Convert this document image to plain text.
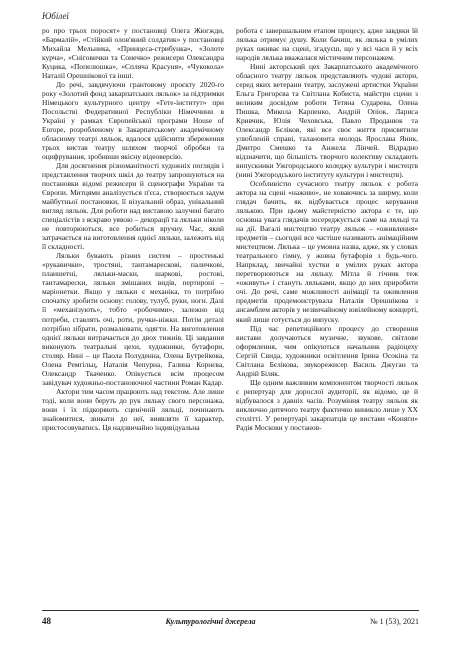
Юбілеї

ро про трьох поросят» у постановці Олега Жюгжди, «Бармалій», «Стійкий олов'яний солдатик» у постановці Михайла Мельника, «Принцеса-стрибунка», «Золоте курча», «Сніговички та Сонечко» режисери Олександра Куцика, «Попелюшка», «Сплячa Красуня», «Чукокола» Наталії Орешнікової та інші.

До речі, завдячуючи грантовому проєкту 2020-го року «Золотий фонд закарпатських ляльок» за підтримки Німецького культурного центру «Гете-інститут» при Посольстві Федеративної Республіки Німеччини в Україні у рамках Європейської програми House of Europe, розробленому в Закарпатському академічному обласному театрі ляльок, вдалося здійснити збереження трьох вистав театру шляхом творчої обробки та оцифрування, зробивши якісну відеоверсію.

Для досягнення різноманітності художніх поглядів і представлення творчих шкіл до театру запрошуються на постановки відомі режисери й сценографи України та Європи. Митцями аналізується п'єса, створюється задум майбутньої постановки, її візуальний образ, унікальний вигляд ляльок. Для роботи над виставою залучені багато спеціалістів з яскраво уявою – декорації та ляльки ніколи не повторюються, все робиться вручну. Час, який затрачається на виготовлення однієї ляльки, залежить від її складності.

Ляльки бувають різних систем – простенькі «рукавички», тростяні, тантамарескові, паличкові, планшетні, ляльки-маски, шаркові, ростові, тантамарески, ляльки змішаних видів, пертиро́ні – маріонетки. Якщо у ляльки є механіка, то потрібно спочатку зробити основу: голову, тулуб, руки, ноги. Далі її «механізують», тобто «робочими», залежно від потреби, ставлять очі, роти, ручки-ніжки. Потім деталі потрібно зібрати, розмалювати, одягти. На виготовлення однієї ляльки витрачається до двох тижнів. Ці завдання виконують театральні цехи, художники, бутафори, столяр. Нині – це Паола Полуденна, Олена Бутрейкова, Олена Ремгільц, Наталія Чепурна, Галина Корнєва, Олександр Ткаченко. Опікується всім процесом завідувач художньо-постановочної частини Роман Кадар.

Актори тим часом працюють над текстом. Але лише тоді, коли вони беруть до рук ляльку свого персонажа, вони і їх підкоряють сценічній ляльці, починають знайомитися, звикати до неї, виявляти її характер, пристосовуватись. Ця надзвичайно індивідуальна

робота є завершальним етапом процесу, адже завдяки їй лялька отримує душу. Коли бачиш, як лялька в умілих руках оживає на сцені, згадуєш, що у всі часи й у всіх народів лялька вважалася містичним персонажем.

Нині акторський цех Закарпатського академічного обласного театру ляльок представляють чудові актори, серед яких ветерани театру, заслужені артистки України Ельга Григорєва та Світлана Кобиста, майстри сцени з великим досвідом роботи Тетяна Сударева, Олена Пишка, Микола Карпенко, Андрій Опіок, Лариса Кривчик, Юлія Чеховська, Павло Проданюк та Олександр Бєліков, які все своє життя присвятили улюбленій справі, талановита молодь Ярослава Яник, Дмитро Смешко та Анжела Лінчей. Відрадно відзначити, що більшість творчого колективу складають випускники Ужгородського коледжу культури і мистецтв (нині Ужгородського інституту культури і мистецтв).

Особливістю сучасного театру ляльок є робота актора на сцені «наживо», не ховаючись за ширму, коли глядач бачить, як відбувається процес керування лялькою. При цьому майстерністю актора є те, що основна увага глядачів зосереджується саме на ляльці та на дії. Вагалі мистецтво театру ляльок – «оживлення» предметів – сьогодні все частіше називають анімаційним мистецтвом. Лялька – це умовна назва, адже, як у словах театрального гімну, у жовна бутафорія з будь-чого. Напрклад, звичайні хустки в умілих руках актора перетворюються на ляльку. Мітла й гічник теж «оживуть» і стануть ляльками, якщо до них приробити очі. До речі, саме можливості анімації та оживлення предметів продемонструвала Наталія Орешнікова з ансамблем акторів у незвичайному ювілейному концерті, який лише готується до випуску.

Під час репетиційного процесу до створення вистави долучаються музичне, звукове, світлове оформлення, чим опікуються начальник радіоцеху Сергій Свида, художники освітлення Ірина Осокіна та Світлана Бєлікова, звукорежисер Василь Джуган та Андрій Біляк.

Ще одним важливим компонентом творчості ляльок є репертуар для дорослої аудиторії, як відомо, це й відбувалося з давніх часів. Розуміння театру ляльок як виключно дитячого театру фактично виникло лише у XX столітті. У репертуарі закарпатців це вистави «Коняги» Радія Москови у постанов-

48	Культурологічні джерела	№ 1 (53), 2021
